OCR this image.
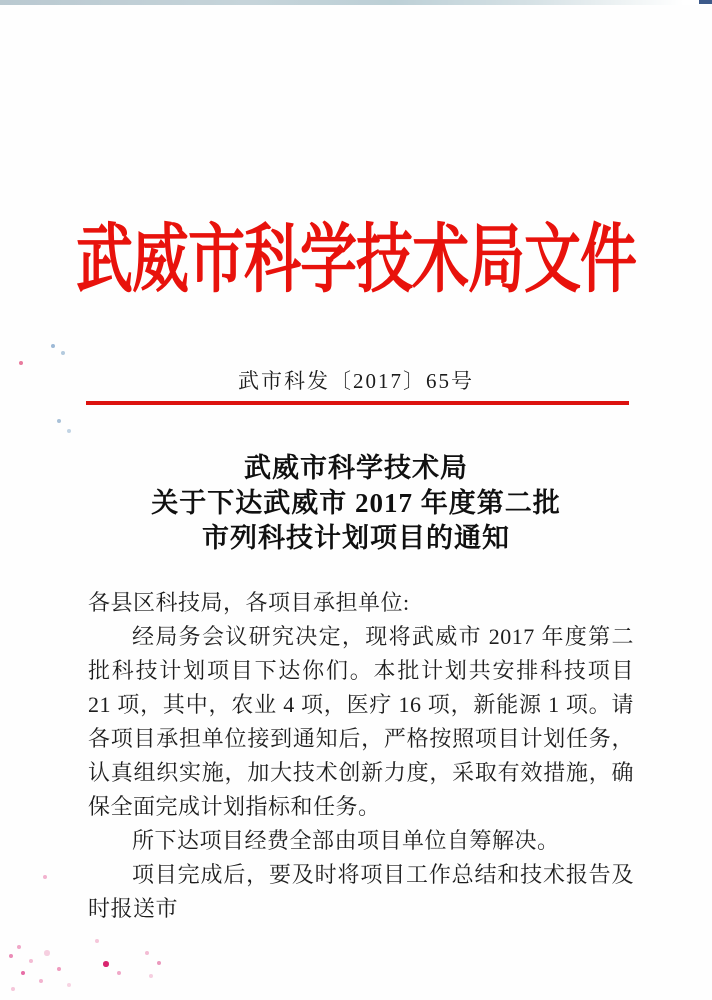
武威市科学技术局文件
武市科发〔2017〕65号
武威市科学技术局
关于下达武威市 2017 年度第二批
市列科技计划项目的通知

各县区科技局，各项目承担单位:

经局务会议研究决定，现将武威市 2017 年度第二批科技计划项目下达你们。本批计划共安排科技项目 21 项，其中，农业 4 项，医疗 16 项，新能源 1 项。请各项目承担单位接到通知后，严格按照项目计划任务，认真组织实施，加大技术创新力度，采取有效措施，确保全面完成计划指标和任务。

所下达项目经费全部由项目单位自筹解决。

项目完成后，要及时将项目工作总结和技术报告及时报送市
